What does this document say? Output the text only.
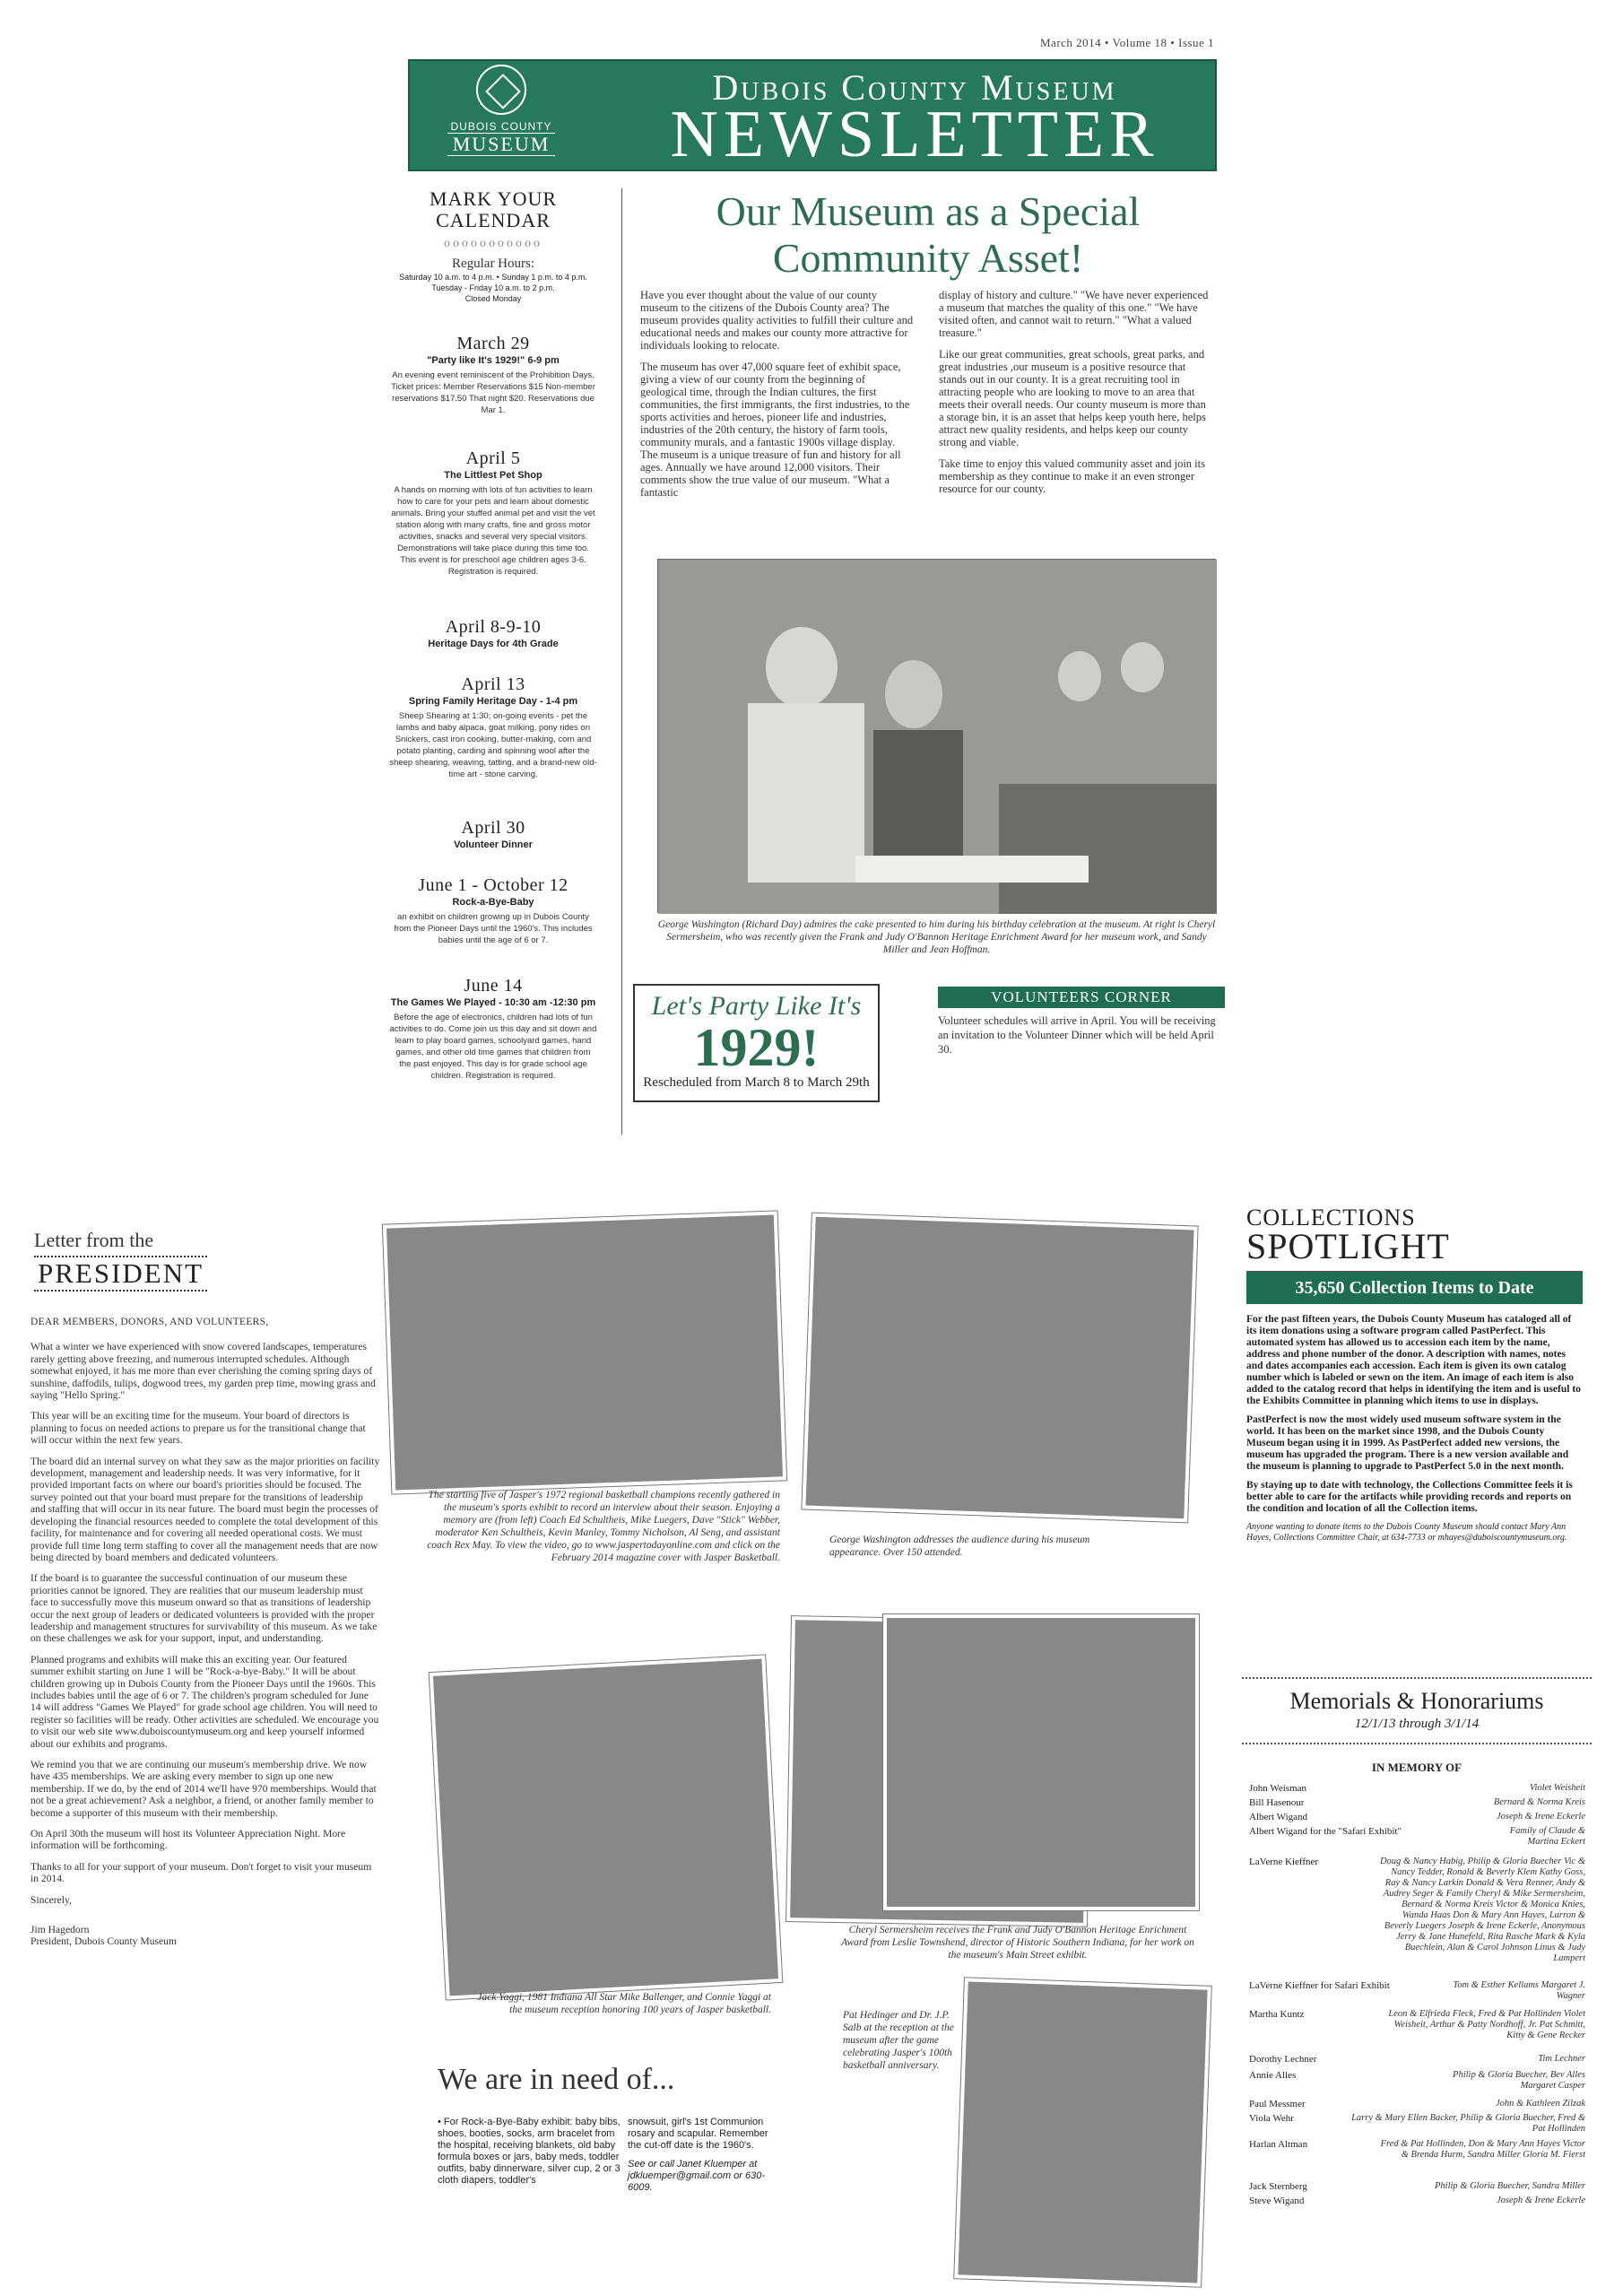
March 2014 • Volume 18 • Issue 1
DUBOIS COUNTY
MUSEUM
Dubois County Museum
NEWSLETTER
MARK YOUR
CALENDAR
ooooooooooo
Regular Hours:
Saturday 10 a.m. to 4 p.m. • Sunday 1 p.m. to 4 p.m.
Tuesday - Friday 10 a.m. to 2 p.m.
Closed Monday
March 29
"Party like It's 1929!" 6-9 pm
An evening event reminiscent of the Prohibition Days. Ticket prices: Member Reservations $15 Non-member reservations $17.50 That night $20. Reservations due Mar 1.
April 5
The Littlest Pet Shop
A hands on morning with lots of fun activities to learn how to care for your pets and learn about domestic animals. Bring your stuffed animal pet and visit the vet station along with many crafts, fine and gross motor activities, snacks and several very special visitors. Demonstrations will take place during this time too. This event is for preschool age children ages 3-6. Registration is required.
April 8-9-10
Heritage Days for 4th Grade
April 13
Spring Family Heritage Day - 1-4 pm
Sheep Shearing at 1:30; on-going events - pet the lambs and baby alpaca, goat milking, pony rides on Snickers, cast iron cooking, butter-making, corn and potato planting, carding and spinning wool after the sheep shearing, weaving, tatting, and a brand-new old-time art - stone carving.
April 30
Volunteer Dinner
June 1 - October 12
Rock-a-Bye-Baby
an exhibit on children growing up in Dubois County from the Pioneer Days until the 1960's. This includes babies until the age of 6 or 7.
June 14
The Games We Played - 10:30 am -12:30 pm
Before the age of electronics, children had lots of fun activities to do. Come join us this day and sit down and learn to play board games, schoolyard games, hand games, and other old time games that children from the past enjoyed. This day is for grade school age children. Registration is required.
Our Museum as a Special Community Asset!

Have you ever thought about the value of our county museum to the citizens of the Dubois County area? The museum provides quality activities to fulfill their culture and educational needs and makes our county more attractive for individuals looking to relocate.

The museum has over 47,000 square feet of exhibit space, giving a view of our county from the beginning of geological time, through the Indian cultures, the first communities, the first immigrants, the first industries, to the sports activities and heroes, pioneer life and industries, industries of the 20th century, the history of farm tools, community murals, and a fantastic 1900s village display. The museum is a unique treasure of fun and history for all ages. Annually we have around 12,000 visitors. Their comments show the true value of our museum. "What a fantastic

display of history and culture." "We have never experienced a museum that matches the quality of this one." "We have visited often, and cannot wait to return." "What a valued treasure."

Like our great communities, great schools, great parks, and great industries ,our museum is a positive resource that stands out in our county. It is a great recruiting tool in attracting people who are looking to move to an area that meets their overall needs. Our county museum is more than a storage bin, it is an asset that helps keep youth here, helps attract new quality residents, and helps keep our county strong and viable.

Take time to enjoy this valued community asset and join its membership as they continue to make it an even stronger resource for our county.

George Washington (Richard Day) admires the cake presented to him during his birthday celebration at the museum. At right is Cheryl Sermersheim, who was recently given the Frank and Judy O'Bannon Heritage Enrichment Award for her museum work, and Sandy Miller and Jean Hoffman.
Let's Party Like It's
1929!
Rescheduled from March 8 to March 29th
VOLUNTEERS CORNER
Volunteer schedules will arrive in April. You will be receiving an invitation to the Volunteer Dinner which will be held April 30.
Letter from the
PRESIDENT

DEAR MEMBERS, DONORS, AND VOLUNTEERS,

What a winter we have experienced with snow covered landscapes, temperatures rarely getting above freezing, and numerous interrupted schedules. Although somewhat enjoyed, it has me more than ever cherishing the coming spring days of sunshine, daffodils, tulips, dogwood trees, my garden prep time, mowing grass and saying "Hello Spring."

This year will be an exciting time for the museum. Your board of directors is planning to focus on needed actions to prepare us for the transitional change that will occur within the next few years.

The board did an internal survey on what they saw as the major priorities on facility development, management and leadership needs. It was very informative, for it provided important facts on where our board's priorities should be focused. The survey pointed out that your board must prepare for the transitions of leadership and staffing that will occur in its near future. The board must begin the processes of developing the financial resources needed to complete the total development of this facility, for maintenance and for covering all needed operational costs. We must provide full time long term staffing to cover all the management needs that are now being directed by board members and dedicated volunteers.

If the board is to guarantee the successful continuation of our museum these priorities cannot be ignored. They are realities that our museum leadership must face to successfully move this museum onward so that as transitions of leadership occur the next group of leaders or dedicated volunteers is provided with the proper leadership and management structures for survivability of this museum. As we take on these challenges we ask for your support, input, and understanding.

Planned programs and exhibits will make this an exciting year. Our featured summer exhibit starting on June 1 will be "Rock-a-bye-Baby." It will be about children growing up in Dubois County from the Pioneer Days until the 1960s. This includes babies until the age of 6 or 7. The children's program scheduled for June 14 will address "Games We Played" for grade school age children. You will need to register so facilities will be ready. Other activities are scheduled. We encourage you to visit our web site www.duboiscountymuseum.org and keep yourself informed about our exhibits and programs.

We remind you that we are continuing our museum's membership drive. We now have 435 memberships. We are asking every member to sign up one new membership. If we do, by the end of 2014 we'll have 970 memberships. Would that not be a great achievement? Ask a neighbor, a friend, or another family member to become a supporter of this museum with their membership.

On April 30th the museum will host its Volunteer Appreciation Night. More information will be forthcoming.

Thanks to all for your support of your museum. Don't forget to visit your museum in 2014.

Sincerely,

Jim Hagedorn
President, Dubois County Museum
The starting five of Jasper's 1972 regional basketball champions recently gathered in the museum's sports exhibit to record an interview about their season. Enjoying a memory are (from left) Coach Ed Schultheis, Mike Luegers, Dave "Stick" Webber, moderator Ken Schultheis, Kevin Manley, Tommy Nicholson, Al Seng, and assistant coach Rex May. To view the video, go to www.jaspertodayonline.com and click on the February 2014 magazine cover with Jasper Basketball.
George Washington addresses the audience during his museum appearance. Over 150 attended.
Jack Yaggi, 1981 Indiana All Star Mike Ballenger, and Connie Yaggi at the museum reception honoring 100 years of Jasper basketball.
Cheryl Sermersheim receives the Frank and Judy O'Bannon Heritage Enrichment Award from Leslie Townshend, director of Historic Southern Indiana, for her work on the museum's Main Street exhibit.
Pat Hedinger and Dr. J.P. Salb at the reception at the museum after the game celebrating Jasper's 100th basketball anniversary.
We are in need of...
• For Rock-a-Bye-Baby exhibit: baby bibs, shoes, booties, socks, arm bracelet from the hospital, receiving blankets, old baby formula boxes or jars, baby meds, toddler outfits, baby dinnerware, silver cup, 2 or 3 cloth diapers, toddler's
snowsuit, girl's 1st Communion rosary and scapular. Remember the cut-off date is the 1960's.
See or call Janet Kluemper at jdkluemper@gmail.com or 630-6009.
COLLECTIONS
SPOTLIGHT
35,650 Collection Items to Date

For the past fifteen years, the Dubois County Museum has cataloged all of its item donations using a software program called PastPerfect. This automated system has allowed us to accession each item by the name, address and phone number of the donor. A description with names, notes and dates accompanies each accession. Each item is given its own catalog number which is labeled or sewn on the item. An image of each item is also added to the catalog record that helps in identifying the item and is useful to the Exhibits Committee in planning which items to use in displays.

PastPerfect is now the most widely used museum software system in the world. It has been on the market since 1998, and the Dubois County Museum began using it in 1999. As PastPerfect added new versions, the museum has upgraded the program. There is a new version available and the museum is planning to upgrade to PastPerfect 5.0 in the next month.

By staying up to date with technology, the Collections Committee feels it is better able to care for the artifacts while providing records and reports on the condition and location of all the Collection items.

Anyone wanting to donate items to the Dubois County Museum should contact Mary Ann Hayes, Collections Committee Chair, at 634-7733 or mhayes@duboiscountymuseum.org.

Memorials & Honorariums
12/1/13 through 3/1/14
IN MEMORY OF
John Weisman	Violet Weisheit
Bill Hasenour	Bernard & Norma Kreis
Albert Wigand	Joseph & Irene Eckerle
Albert Wigand for the "Safari Exhibit"	Family of Claude & Martina Eckert
LaVerne Kieffner	Doug & Nancy Habig, Philip & Gloria Buecher Vic & Nancy Tedder, Ronald & Beverly Klem Kathy Goss, Ray & Nancy Larkin Donald & Vera Renner, Andy & Audrey Seger & Family Cheryl & Mike Sermersheim, Bernard & Norma Kreis Victor & Monica Knies, Wanda Haas Don & Mary Ann Hayes, Larron & Beverly Luegers Joseph & Irene Eckerle, Anonymous Jerry & Jane Hunefeld, Rita Rasche Mark & Kyla Buechlein, Alan & Carol Johnson Linus & Judy Lampert
LaVerne Kieffner for Safari Exhibit	Tom & Esther Kellams Margaret J. Wagner
Martha Kuntz	Leon & Elfrieda Fleck, Fred & Pat Hollinden Violet Weisheit, Arthur & Patty Nordhoff, Jr. Pat Schmitt, Kitty & Gene Recker
Dorothy Lechner	Tim Lechner
Annie Alles	Philip & Gloria Buecher, Bev Alles Margaret Casper
Paul Messmer	John & Kathleen Zilzak
Viola Wehr	Larry & Mary Ellen Backer, Philip & Gloria Buecher, Fred & Pat Hollinden
Harlan Altman	Fred & Pat Hollinden, Don & Mary Ann Hayes Victor & Brenda Hurm, Sandra Miller Gloria M. Fierst
Jack Sternberg	Philip & Gloria Buecher, Sandra Miller
Steve Wigand	Joseph & Irene Eckerle
